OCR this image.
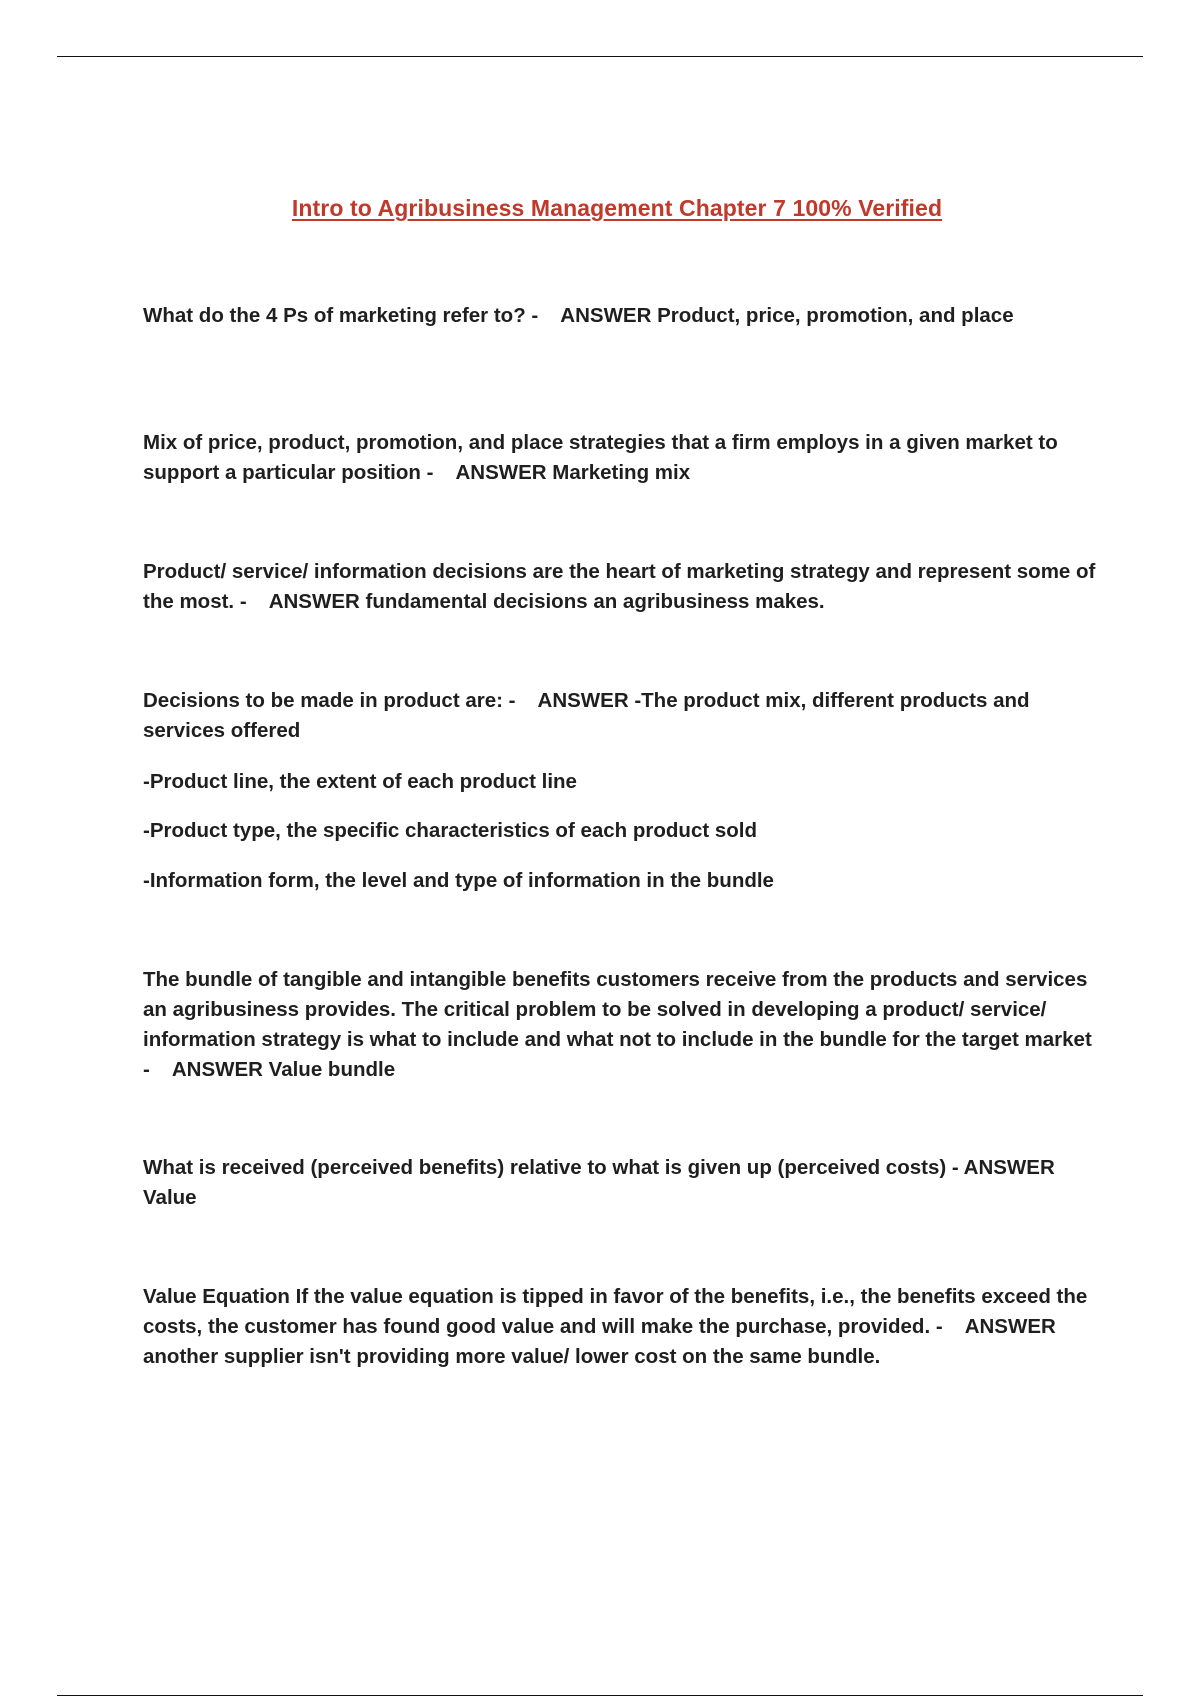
Intro to Agribusiness Management Chapter 7 100% Verified

What do the 4 Ps of marketing refer to? - ANSWER Product, price, promotion, and place

Mix of price, product, promotion, and place strategies that a firm employs in a given market to support a particular position - ANSWER Marketing mix

Product/ service/ information decisions are the heart of marketing strategy and represent some of the most. - ANSWER fundamental decisions an agribusiness makes.

Decisions to be made in product are: - ANSWER -The product mix, different products and services offered

-Product line, the extent of each product line

-Product type, the specific characteristics of each product sold

-Information form, the level and type of information in the bundle

The bundle of tangible and intangible benefits customers receive from the products and services an agribusiness provides. The critical problem to be solved in developing a product/ service/ information strategy is what to include and what not to include in the bundle for the target market - ANSWER Value bundle

What is received (perceived benefits) relative to what is given up (perceived costs) - ANSWER Value

Value Equation If the value equation is tipped in favor of the benefits, i.e., the benefits exceed the costs, the customer has found good value and will make the purchase, provided. - ANSWER another supplier isn't providing more value/ lower cost on the same bundle.
